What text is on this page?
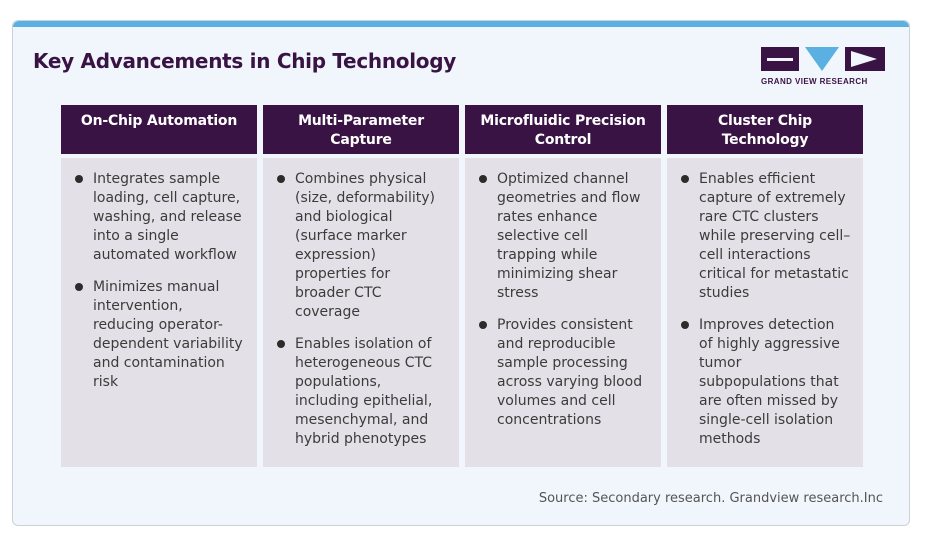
Key Advancements in Chip Technology
GRAND VIEW RESEARCH
On-Chip Automation
Integrates sample loading, cell capture, washing, and release into a single automated workflow
Minimizes manual intervention, reducing operator-dependent variability and contamination risk
Multi-Parameter Capture
Combines physical (size, deformability) and biological (surface marker expression) properties for broader CTC coverage
Enables isolation of heterogeneous CTC populations, including epithelial, mesenchymal, and hybrid phenotypes
Microfluidic Precision Control
Optimized channel geometries and flow rates enhance selective cell trapping while minimizing shear stress
Provides consistent and reproducible sample processing across varying blood volumes and cell concentrations
Cluster Chip Technology
Enables efficient capture of extremely rare CTC clusters while preserving cell–cell interactions critical for metastatic studies
Improves detection of highly aggressive tumor subpopulations that are often missed by single-cell isolation methods
Source: Secondary research. Grandview research.Inc
